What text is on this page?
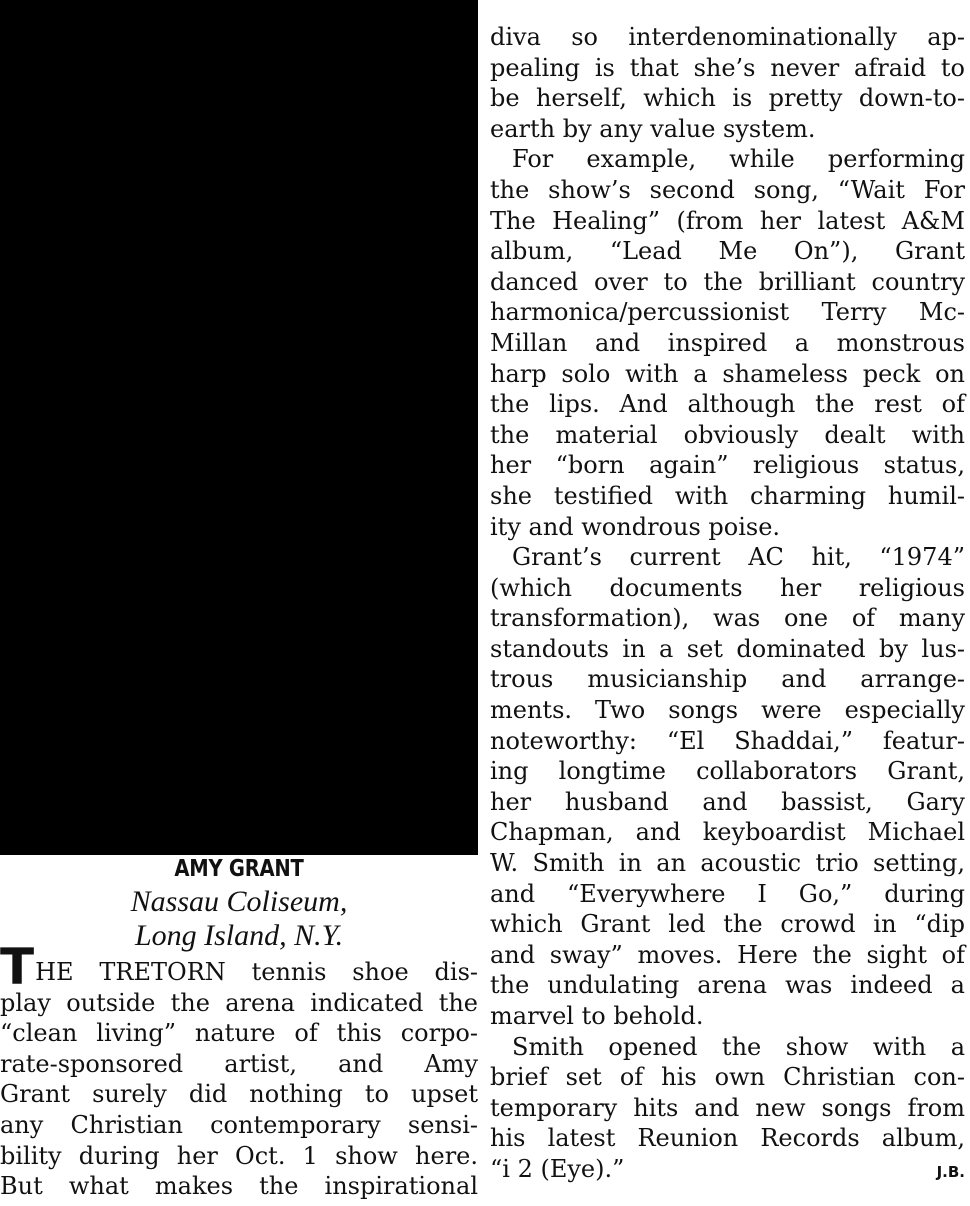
AMY GRANT
Nassau Coliseum,
Long Island, N.Y.
THE TRETORN tennis shoe dis-
play outside the arena indicated the
“clean living” nature of this corpo-
rate-sponsored artist, and Amy
Grant surely did nothing to upset
any Christian contemporary sensi-
bility during her Oct. 1 show here.
But what makes the inspirational
diva so interdenominationally ap-
pealing is that she’s never afraid to
be herself, which is pretty down-to-
earth by any value system.
For example, while performing
the show’s second song, “Wait For
The Healing” (from her latest A&M
album, “Lead Me On”), Grant
danced over to the brilliant country
harmonica/percussionist Terry Mc-
Millan and inspired a monstrous
harp solo with a shameless peck on
the lips. And although the rest of
the material obviously dealt with
her “born again” religious status,
she testified with charming humil-
ity and wondrous poise.
Grant’s current AC hit, “1974”
(which documents her religious
transformation), was one of many
standouts in a set dominated by lus-
trous musicianship and arrange-
ments. Two songs were especially
noteworthy: “El Shaddai,” featur-
ing longtime collaborators Grant,
her husband and bassist, Gary
Chapman, and keyboardist Michael
W. Smith in an acoustic trio setting,
and “Everywhere I Go,” during
which Grant led the crowd in “dip
and sway” moves. Here the sight of
the undulating arena was indeed a
marvel to behold.
Smith opened the show with a
brief set of his own Christian con-
temporary hits and new songs from
his latest Reunion Records album,
“i 2 (Eye).”	J.B.
